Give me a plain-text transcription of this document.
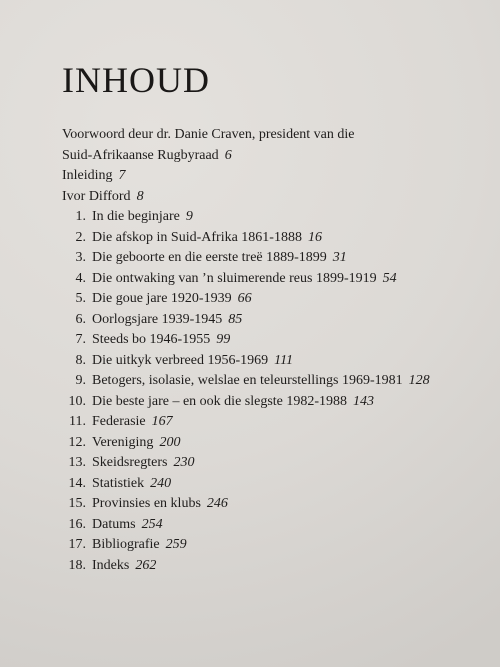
INHOUD
Voorwoord deur dr. Danie Craven, president van die
Suid-Afrikaanse Rugbyraad 6
Inleiding 7
Ivor Difford 8
1. In die beginjare 9
2. Die afskop in Suid-Afrika 1861-1888 16
3. Die geboorte en die eerste treë 1889-1899 31
4. Die ontwaking van ’n sluimerende reus 1899-1919 54
5. Die goue jare 1920-1939 66
6. Oorlogsjare 1939-1945 85
7. Steeds bo 1946-1955 99
8. Die uitkyk verbreed 1956-1969 111
9. Betogers, isolasie, welslae en teleurstellings 1969-1981 128
10. Die beste jare – en ook die slegste 1982-1988 143
11. Federasie 167
12. Vereniging 200
13. Skeidsregters 230
14. Statistiek 240
15. Provinsies en klubs 246
16. Datums 254
17. Bibliografie 259
18. Indeks 262
